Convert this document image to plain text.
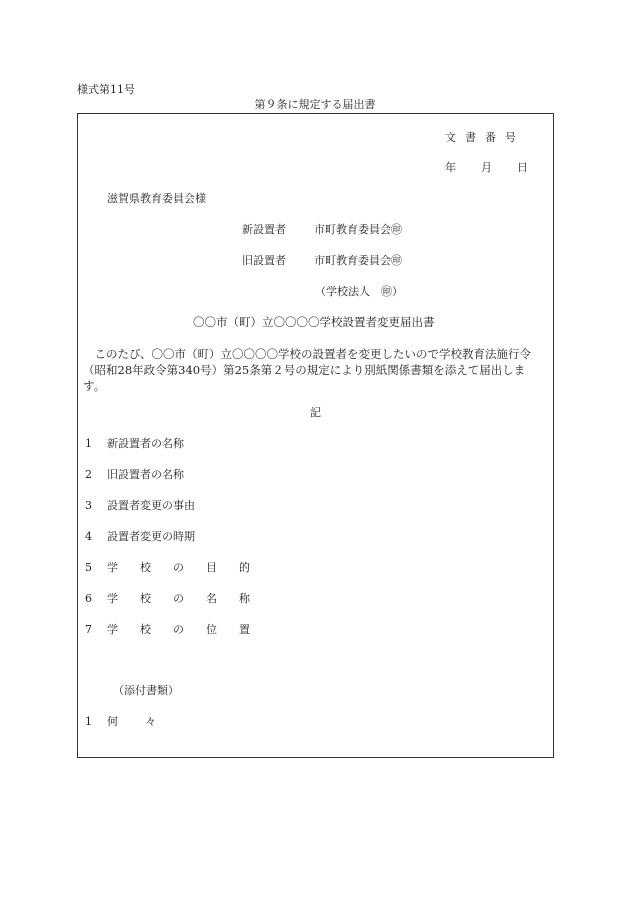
様式第11号
第９条に規定する届出書
文書番号
年 月 日
滋賀県教育委員会様
新設置者	市町教育委員会㊞
旧設置者	市町教育委員会㊞
（学校法人　㊞）
〇〇市（町）立〇〇〇〇学校設置者変更届出書

　このたび、〇〇市（町）立〇〇〇〇学校の設置者を変更したいので学校教育法施行令

（昭和28年政令第340号）第25条第２号の規定により別紙関係書類を添えて届出しま

す。

記
1 新設置者の名称
2 旧設置者の名称
3 設置者変更の事由
4 設置者変更の時期
5 学校の目的
6 学校の名称
7 学校の位置
（添付書類）
1 何 々
